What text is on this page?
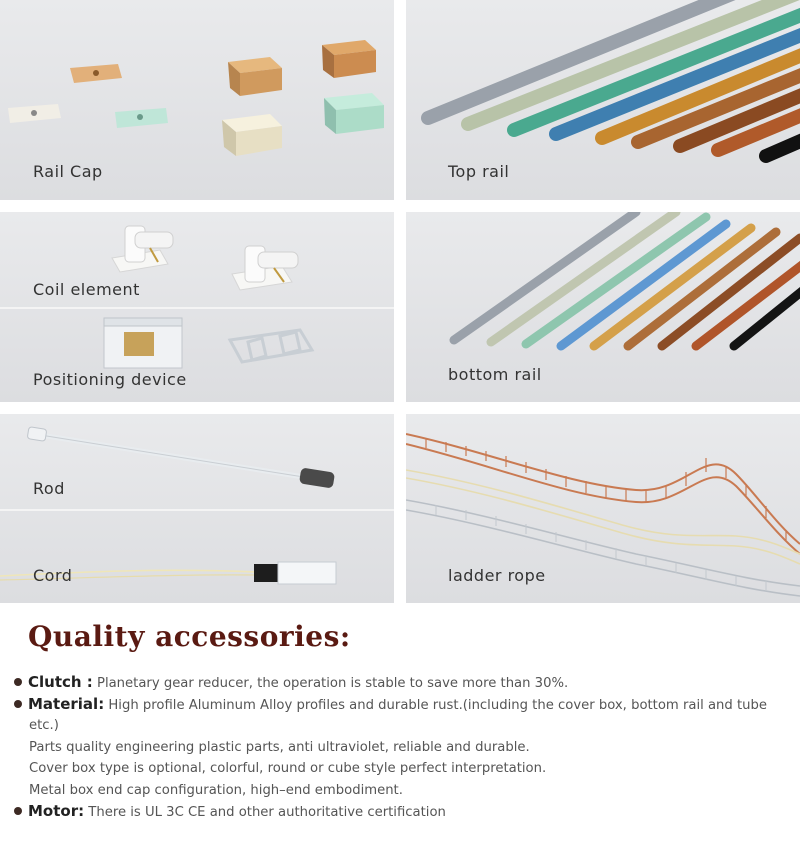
Rail Cap	Top rail
Coil element
Positioning device	bottom rail
Rod
Cord	ladder rope
Quality accessories:
Clutch : Planetary gear reducer, the operation is stable to save more than 30%.
Material: High profile Aluminum Alloy profiles and durable rust.(including the cover box, bottom rail and tube
etc.)
Parts quality engineering plastic parts, anti ultraviolet, reliable and durable.
Cover box type is optional, colorful, round or cube style perfect interpretation.
Metal box end cap configuration, high–end embodiment.
Motor: There is UL 3C CE and other authoritative certification
